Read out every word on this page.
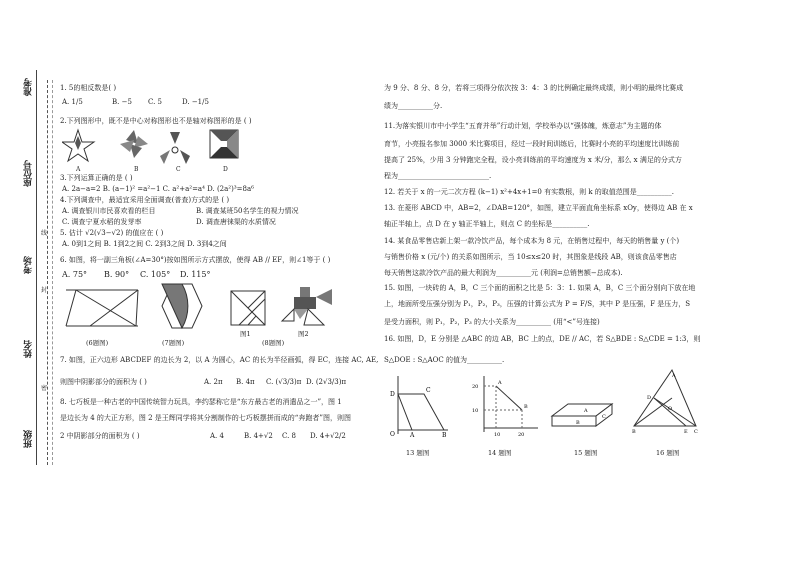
准考
座位号
考场
姓名
班级
线
封
密
1. 5的相反数是( )
A. 1/5	B. −5 C. 5	D. −1/5
2.下列图形中，既不是中心对称图形也不是轴对称图形的是 ( )
A	B	C	D
3.下列运算正确的是 ( )
A. 2a−a=2 B. (a−1)² =a²−1 C. a²+a²=a⁴ D. (2a²)³=8a⁶
4.下列调查中，最适宜采用全面调查(普查)方式的是 ( )
A. 调查银川市民喜欢看的栏目	B. 调查某班50名学生的视力情况
C. 调查宁夏水稻的发芽率	D. 调查唐徕渠的水质情况
5. 估计 √2(√3−√2) 的值应在 ( )
A. 0到1之间 B. 1到2之间 C. 2到3之间 D. 3到4之间
6. 如图，将一副三角板(∠A=30°)按如图所示方式摆放，使得 AB // EF，则∠1等于 ( )
A. 75° B. 90° C. 105° D. 115°
(6题图)	(7题图)
图1	图2
(8题图)
7. 如图，正六边形 ABCDEF 的边长为 2，以 A 为圆心，AC 的长为半径画弧，得 EC，连接 AC, AE,
则图中阴影部分的面积为 ( )	A. 2π B. 4π C. (√3/3)π D. (2√3/3)π
8. 七巧板是一种古老的中国传统智力玩具，李约瑟称它是“东方最古老的消遣品之一”，图 1
是边长为 4 的大正方形，图 2 是王辉同学将其分割制作的七巧板摆拼而成的“奔跑者”图，则图
2 中阴影部分的面积为 ( )	A. 4	B. 4+√2 C. 8 D. 4+√2/2
为 9 分、8 分、8 分，若将三项得分依次按 3：4：3 的比例确定最终成绩，则小明的最终比赛成
绩为__________分.
11.为落实银川市中小学生“五育并举”行动计划，学校举办以“强体魄，炼意志”为主题的体
育节，小亮报名参加 3000 米比赛项目，经过一段时间训练后，比赛时小亮的平均速度比训练前
提高了 25%，少用 3 分钟跑完全程，设小亮训练前的平均速度为 x 米/分，那么 x 满足的分式方
程为__________________________.
12. 若关于 x 的一元二次方程 (k−1) x²+4x+1=0 有实数根，则 k 的取值范围是__________.
13. 在菱形 ABCD 中，AB=2，∠DAB=120°，如图，建立平面直角坐标系 xOy，使得边 AB 在 x
轴正半轴上，点 D 在 y 轴正半轴上，则点 C 的坐标是__________.
14. 某食品零售店新上架一款冷饮产品，每个成本为 8 元，在销售过程中，每天的销售量 y (个)
与销售价格 x (元/个) 的关系如图所示，当 10≤x≤20 时，其图象是线段 AB，则该食品零售店
每天销售这款冷饮产品的最大利润为__________元 (利润=总销售额−总成本).
15. 如图，一块砖的 A，B，C 三个面的面积之比是 5：3：1. 如果 A，B，C 三个面分别向下放在地
上，地面所受压强分别为 P₁，P₂，P₃，压强的计算公式为 P = F/S，其中 P 是压强，F 是压力，S
是受力面积，则 P₁，P₂，P₃ 的大小关系为__________ (用“<”号连接)
16. 如图，D，E 分别是 △ABC 的边 AB，BC 上的点，DE // AC，若 S△BDE : S△CDE = 1:3，则
S△DOE : S△AOC 的值为__________.
D
C
O	A	B
20
10
10	20
A
B
B
A
C
A
D
O
B	E C
13 题图	14 题图	15 题图	16 题图
